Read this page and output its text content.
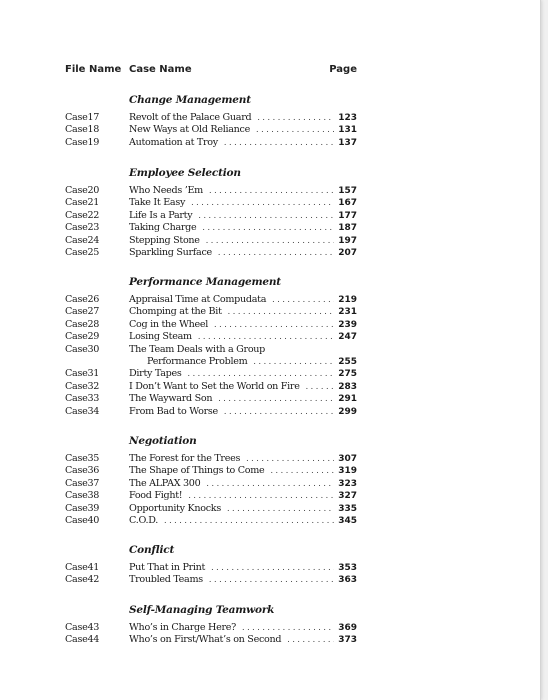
File Name Case Name	Page
Change Management
Case17	Revolt of the Palace Guard . . .	123
Case18	New Ways at Old Reliance . . .	131
Case19	Automation at Troy . . .	137
Employee Selection
Case20	Who Needs ’Em . . .	157
Case21	Take It Easy . . .	167
Case22	Life Is a Party . . .	177
Case23	Taking Charge . . .	187
Case24	Stepping Stone . . .	197
Case25	Sparkling Surface . . .	207
Performance Management
Case26	Appraisal Time at Compudata . . .	219
Case27	Chomping at the Bit . . .	231
Case28	Cog in the Wheel . . .	239
Case29	Losing Steam . . .	247
Case30	The Team Deals with a Group
Performance Problem . . .	255
Case31	Dirty Tapes . . .	275
Case32	I Don’t Want to Set the World on Fire . . .	283
Case33	The Wayward Son . . .	291
Case34	From Bad to Worse . . .	299
Negotiation
Case35	The Forest for the Trees . . .	307
Case36	The Shape of Things to Come . . .	319
Case37	The ALPAX 300 . . .	323
Case38	Food Fight! . . .	327
Case39	Opportunity Knocks . . .	335
Case40	C.O.D. . . .	345
Conflict
Case41	Put That in Print . . .	353
Case42	Troubled Teams . . .	363
Self-Managing Teamwork
Case43	Who’s in Charge Here? . . .	369
Case44	Who’s on First/What’s on Second . . .	373
